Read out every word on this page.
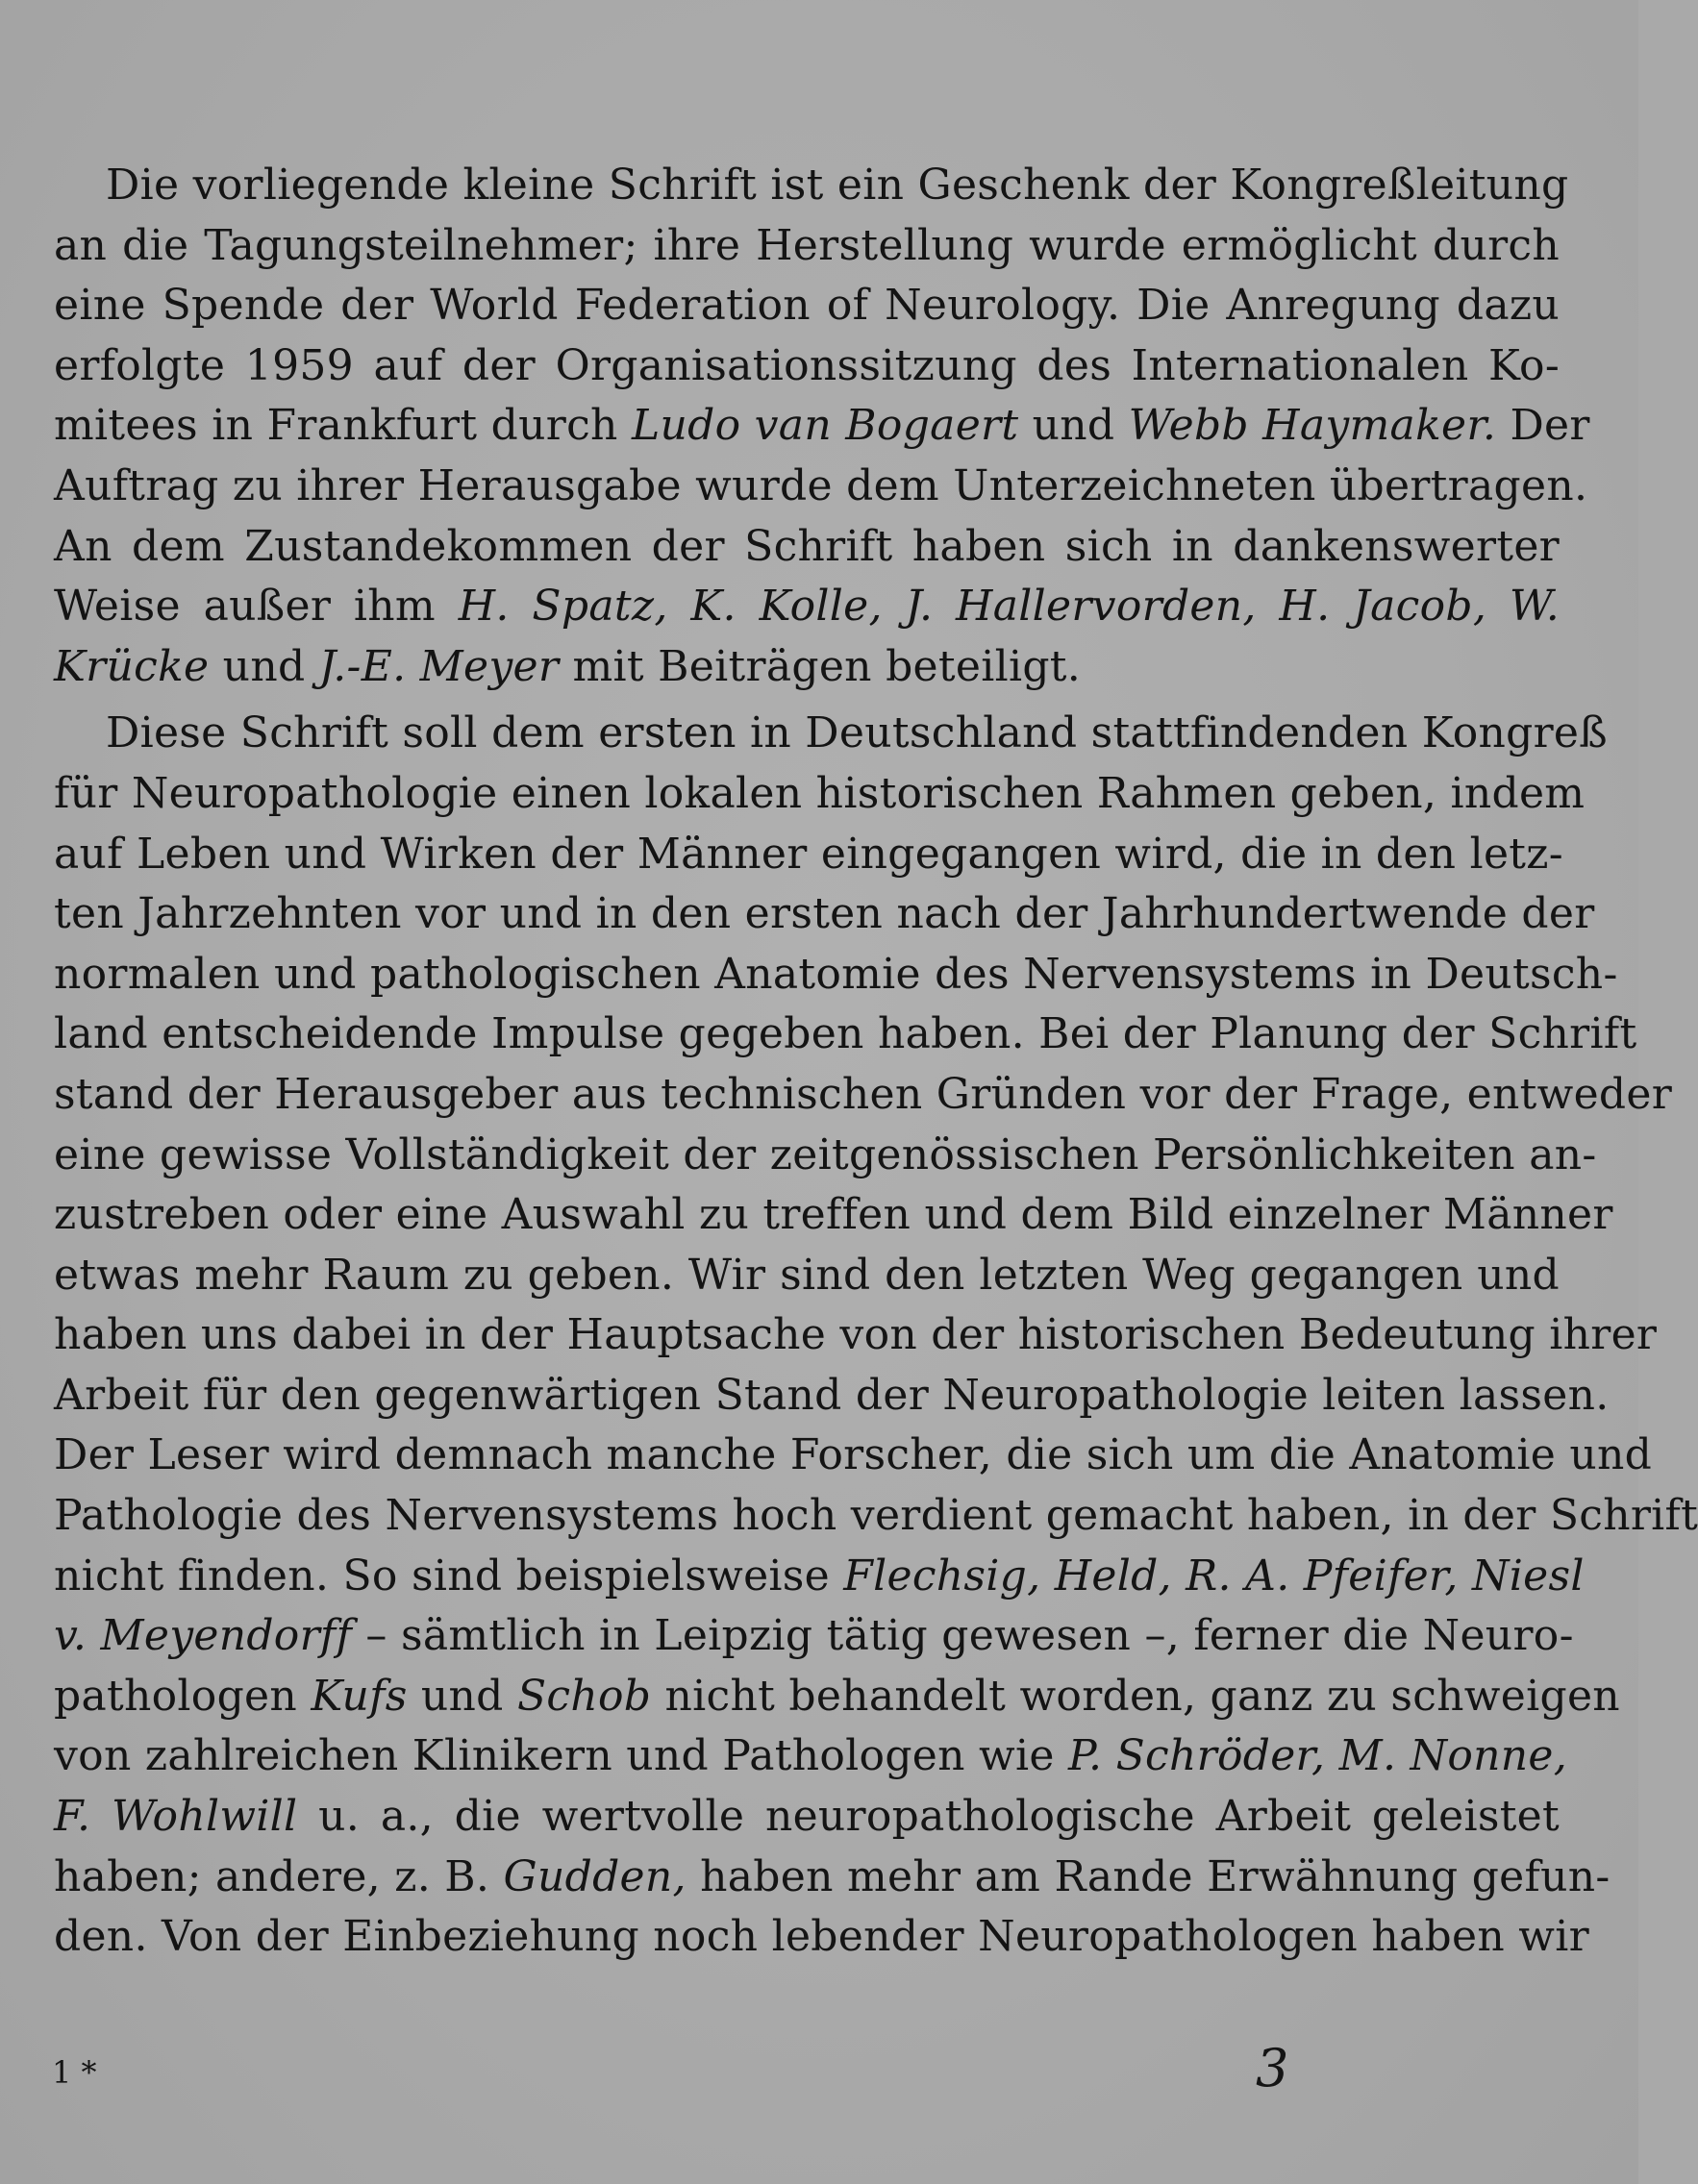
Die vorliegende kleine Schrift ist ein Geschenk der Kongreßleitung
an die Tagungsteilnehmer; ihre Herstellung wurde ermöglicht durch
eine Spende der World Federation of Neurology. Die Anregung dazu
erfolgte 1959 auf der Organisationssitzung des Internationalen Ko-
mitees in Frankfurt durch Ludo van Bogaert und Webb Haymaker. Der
Auftrag zu ihrer Herausgabe wurde dem Unterzeichneten übertragen.
An dem Zustandekommen der Schrift haben sich in dankenswerter
Weise außer ihm H. Spatz, K. Kolle, J. Hallervorden, H. Jacob, W.
Krücke und J.-E. Meyer mit Beiträgen beteiligt.
Diese Schrift soll dem ersten in Deutschland stattfindenden Kongreß
für Neuropathologie einen lokalen historischen Rahmen geben, indem
auf Leben und Wirken der Männer eingegangen wird, die in den letz-
ten Jahrzehnten vor und in den ersten nach der Jahrhundertwende der
normalen und pathologischen Anatomie des Nervensystems in Deutsch-
land entscheidende Impulse gegeben haben. Bei der Planung der Schrift
stand der Herausgeber aus technischen Gründen vor der Frage, entweder
eine gewisse Vollständigkeit der zeitgenössischen Persönlichkeiten an-
zustreben oder eine Auswahl zu treffen und dem Bild einzelner Männer
etwas mehr Raum zu geben. Wir sind den letzten Weg gegangen und
haben uns dabei in der Hauptsache von der historischen Bedeutung ihrer
Arbeit für den gegenwärtigen Stand der Neuropathologie leiten lassen.
Der Leser wird demnach manche Forscher, die sich um die Anatomie und
Pathologie des Nervensystems hoch verdient gemacht haben, in der Schrift
nicht finden. So sind beispielsweise Flechsig, Held, R. A. Pfeifer, Niesl
v. Meyendorff – sämtlich in Leipzig tätig gewesen –, ferner die Neuro-
pathologen Kufs und Schob nicht behandelt worden, ganz zu schweigen
von zahlreichen Klinikern und Pathologen wie P. Schröder, M. Nonne,
F. Wohlwill u. a., die wertvolle neuropathologische Arbeit geleistet
haben; andere, z. B. Gudden, haben mehr am Rande Erwähnung gefun-
den. Von der Einbeziehung noch lebender Neuropathologen haben wir
1 *	3
